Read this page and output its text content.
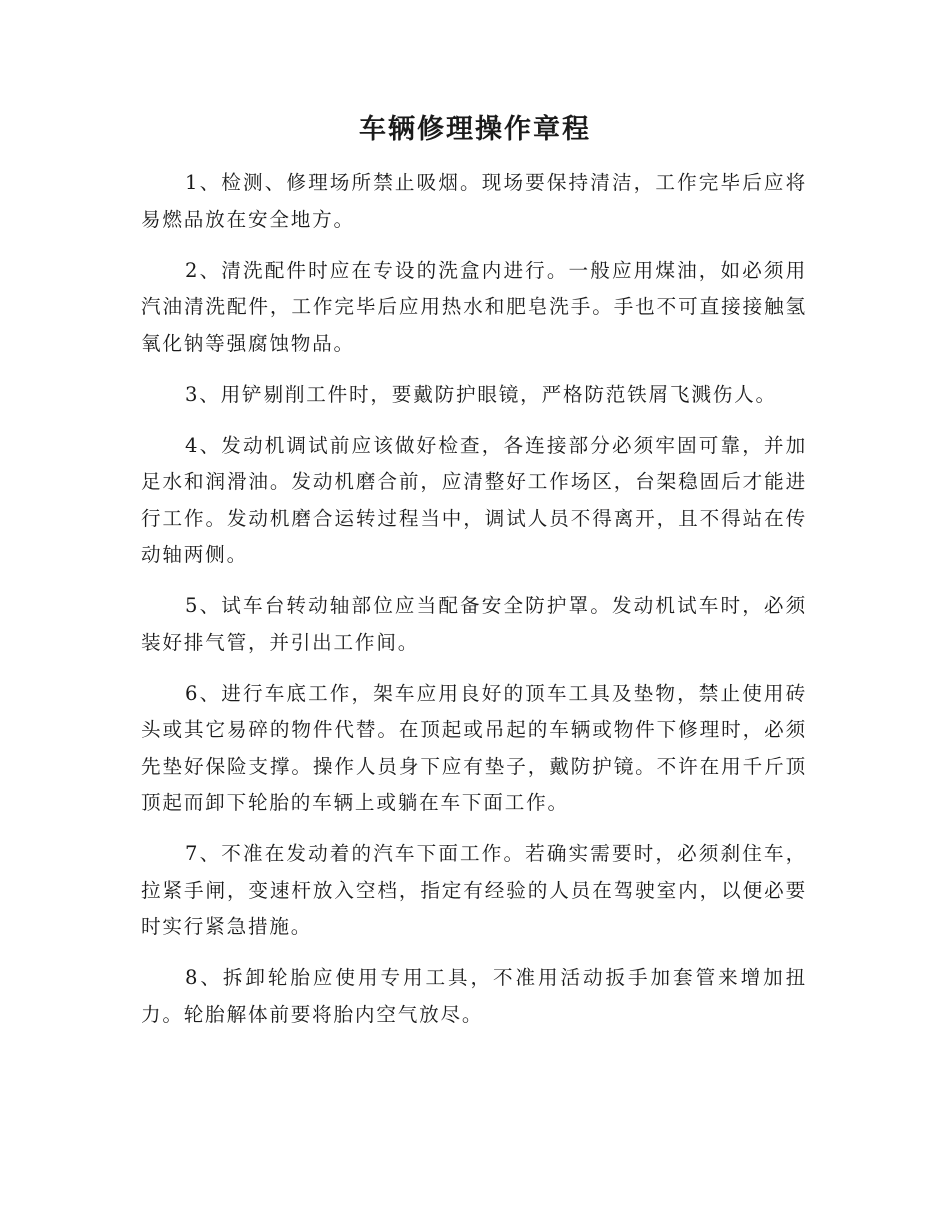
车辆修理操作章程

1、检测、修理场所禁止吸烟。现场要保持清洁，工作完毕后应将易燃品放在安全地方。

2、清洗配件时应在专设的洗盒内进行。一般应用煤油，如必须用汽油清洗配件，工作完毕后应用热水和肥皂洗手。手也不可直接接触氢氧化钠等强腐蚀物品。

3、用铲剔削工件时，要戴防护眼镜，严格防范铁屑飞溅伤人。

4、发动机调试前应该做好检查，各连接部分必须牢固可靠，并加足水和润滑油。发动机磨合前，应清整好工作场区，台架稳固后才能进行工作。发动机磨合运转过程当中，调试人员不得离开，且不得站在传动轴两侧。

5、试车台转动轴部位应当配备安全防护罩。发动机试车时，必须装好排气管，并引出工作间。

6、进行车底工作，架车应用良好的顶车工具及垫物，禁止使用砖头或其它易碎的物件代替。在顶起或吊起的车辆或物件下修理时，必须先垫好保险支撑。操作人员身下应有垫子，戴防护镜。不许在用千斤顶顶起而卸下轮胎的车辆上或躺在车下面工作。

7、不准在发动着的汽车下面工作。若确实需要时，必须刹住车，拉紧手闸，变速杆放入空档，指定有经验的人员在驾驶室内，以便必要时实行紧急措施。

8、拆卸轮胎应使用专用工具，不准用活动扳手加套管来增加扭力。轮胎解体前要将胎内空气放尽。
